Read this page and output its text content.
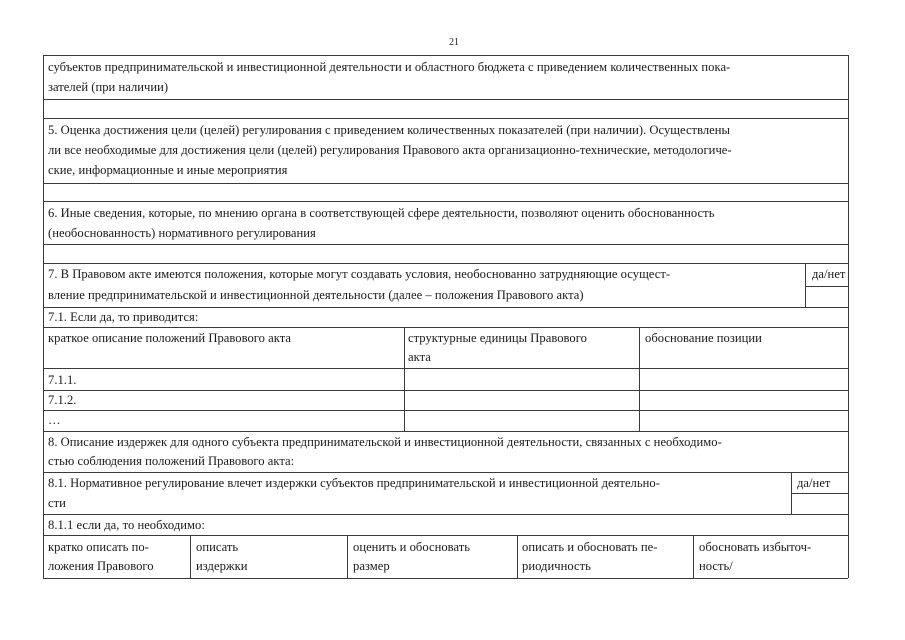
21
субъектов предпринимательской и инвестиционной деятельности и областного бюджета с приведением количественных пока-
зателей (при наличии)
5. Оценка достижения цели (целей) регулирования с приведением количественных показателей (при наличии). Осуществлены
ли все необходимые для достижения цели (целей) регулирования Правового акта организационно-технические, методологиче-
ские, информационные и иные мероприятия
6. Иные сведения, которые, по мнению органа в соответствующей сфере деятельности, позволяют оценить обоснованность
(необоснованность) нормативного регулирования
7. В Правовом акте имеются положения, которые могут создавать условия, необоснованно затрудняющие осущест-
вление предпринимательской и инвестиционной деятельности (далее – положения Правового акта)
да/нет
7.1. Если да, то приводится:
краткое описание положений Правового акта	структурные единицы Правового
акта
обоснование позиции
7.1.1.
7.1.2.
…
8. Описание издержек для одного субъекта предпринимательской и инвестиционной деятельности, связанных с необходимо-
стью соблюдения положений Правового акта:
8.1. Нормативное регулирование влечет издержки субъектов предпринимательской и инвестиционной деятельно-
сти
да/нет
8.1.1 если да, то необходимо:
кратко описать по-
ложения Правового
описать
издержки
оценить и обосновать
размер
описать и обосновать пе-
риодичность
обосновать избыточ-
ность/
